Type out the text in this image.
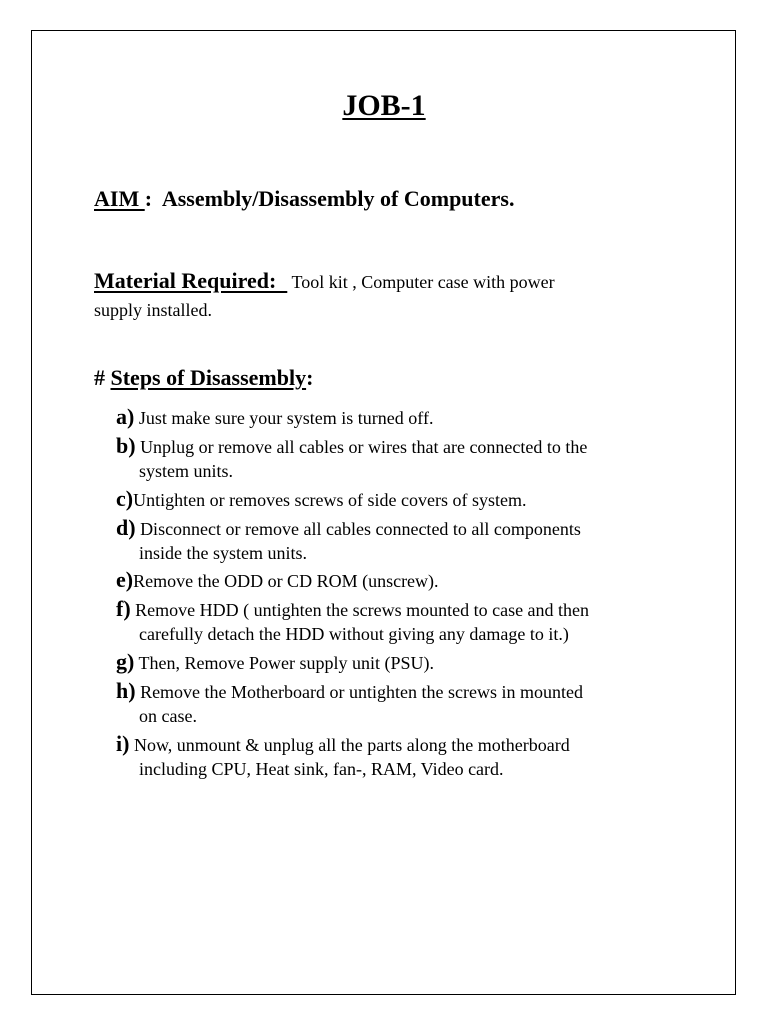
JOB-1
AIM :  Assembly/Disassembly of Computers.
Material Required:   Tool kit , Computer case with power
supply installed.
# Steps of Disassembly:
a) Just make sure your system is turned off.
b) Unplug or remove all cables or wires that are connected to the
system units.
c)Untighten or removes screws of side covers of system.
d) Disconnect or remove all cables connected to all components
inside the system units.
e)Remove the ODD or CD ROM (unscrew).
f) Remove HDD ( untighten the screws mounted to case and then
carefully detach the HDD without giving any damage to it.)
g) Then, Remove Power supply unit (PSU).
h) Remove the Motherboard or untighten the screws in mounted
on case.
i) Now, unmount & unplug all the parts along the motherboard
including CPU, Heat sink, fan-, RAM, Video card.
